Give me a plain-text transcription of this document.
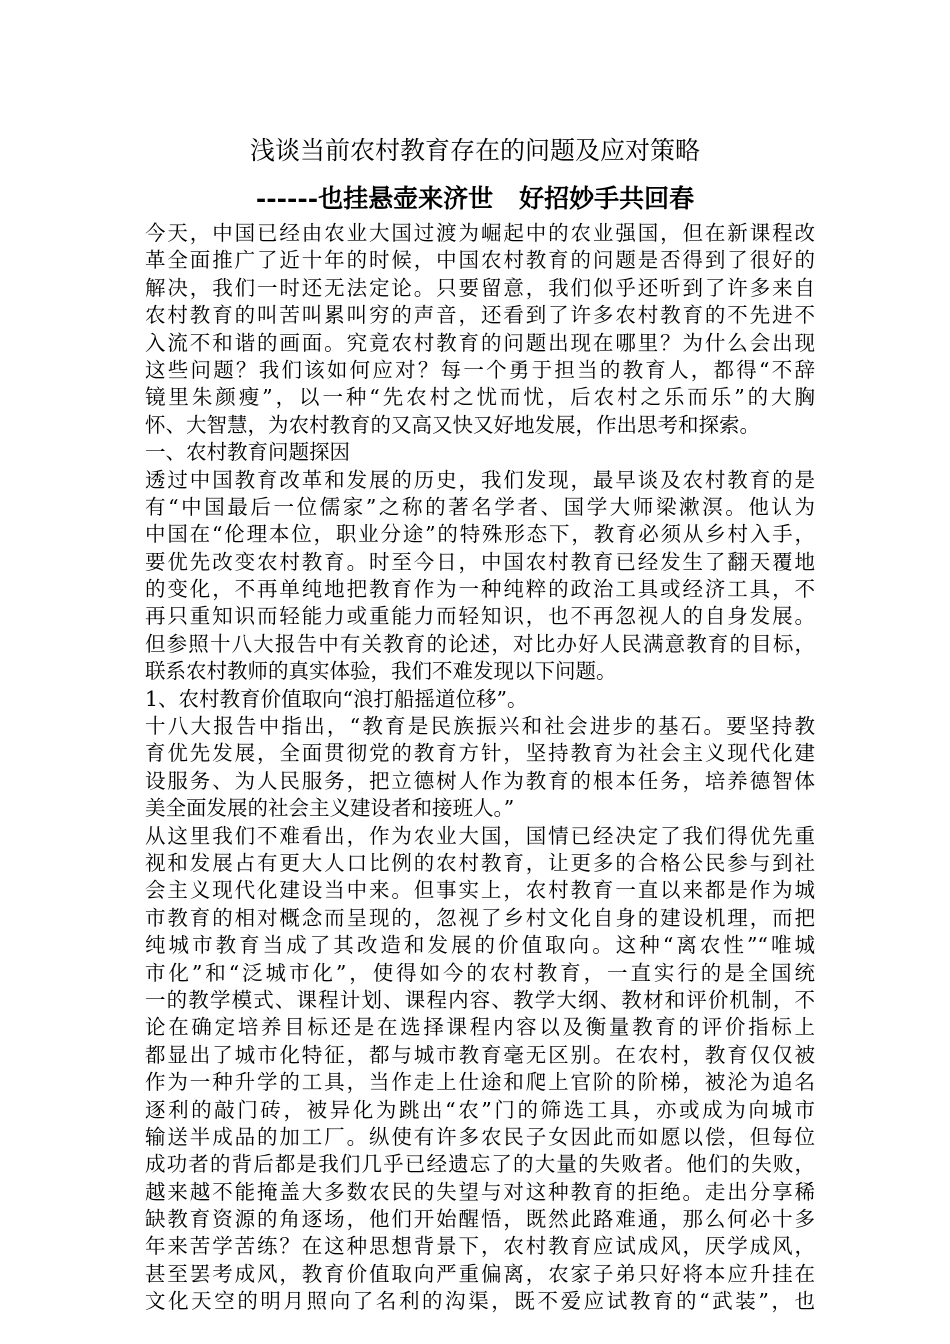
浅谈当前农村教育存在的问题及应对策略
------也挂悬壶来济世   好招妙手共回春
今天，中国已经由农业大国过渡为崛起中的农业强国，但在新课程改
革全面推广了近十年的时候，中国农村教育的问题是否得到了很好的
解决，我们一时还无法定论。只要留意，我们似乎还听到了许多来自
农村教育的叫苦叫累叫穷的声音，还看到了许多农村教育的不先进不
入流不和谐的画面。究竟农村教育的问题出现在哪里？为什么会出现
这些问题？我们该如何应对？每一个勇于担当的教育人，都得“不辞
镜里朱颜瘦”，以一种“先农村之忧而忧，后农村之乐而乐”的大胸
怀、大智慧，为农村教育的又高又快又好地发展，作出思考和探索。
一、农村教育问题探因
透过中国教育改革和发展的历史，我们发现，最早谈及农村教育的是
有“中国最后一位儒家”之称的著名学者、国学大师梁漱溟。他认为
中国在“伦理本位，职业分途”的特殊形态下，教育必须从乡村入手，
要优先改变农村教育。时至今日，中国农村教育已经发生了翻天覆地
的变化，不再单纯地把教育作为一种纯粹的政治工具或经济工具，不
再只重知识而轻能力或重能力而轻知识，也不再忽视人的自身发展。
但参照十八大报告中有关教育的论述，对比办好人民满意教育的目标，
联系农村教师的真实体验，我们不难发现以下问题。
1、农村教育价值取向“浪打船摇道位移”。
十八大报告中指出，“教育是民族振兴和社会进步的基石。要坚持教
育优先发展，全面贯彻党的教育方针，坚持教育为社会主义现代化建
设服务、为人民服务，把立德树人作为教育的根本任务，培养德智体
美全面发展的社会主义建设者和接班人。”
从这里我们不难看出，作为农业大国，国情已经决定了我们得优先重
视和发展占有更大人口比例的农村教育，让更多的合格公民参与到社
会主义现代化建设当中来。但事实上，农村教育一直以来都是作为城
市教育的相对概念而呈现的，忽视了乡村文化自身的建设机理，而把
纯城市教育当成了其改造和发展的价值取向。这种“离农性”“唯城
市化”和“泛城市化”，使得如今的农村教育，一直实行的是全国统
一的教学模式、课程计划、课程内容、教学大纲、教材和评价机制，不
论在确定培养目标还是在选择课程内容以及衡量教育的评价指标上
都显出了城市化特征，都与城市教育毫无区别。在农村，教育仅仅被
作为一种升学的工具，当作走上仕途和爬上官阶的阶梯，被沦为追名
逐利的敲门砖，被异化为跳出“农”门的筛选工具，亦或成为向城市
输送半成品的加工厂。纵使有许多农民子女因此而如愿以偿，但每位
成功者的背后都是我们几乎已经遗忘了的大量的失败者。他们的失败，
越来越不能掩盖大多数农民的失望与对这种教育的拒绝。走出分享稀
缺教育资源的角逐场，他们开始醒悟，既然此路难通，那么何必十多
年来苦学苦练？在这种思想背景下，农村教育应试成风，厌学成风，
甚至罢考成风，教育价值取向严重偏离，农家子弟只好将本应升挂在
文化天空的明月照向了名利的沟渠，既不爱应试教育的“武装”，也
